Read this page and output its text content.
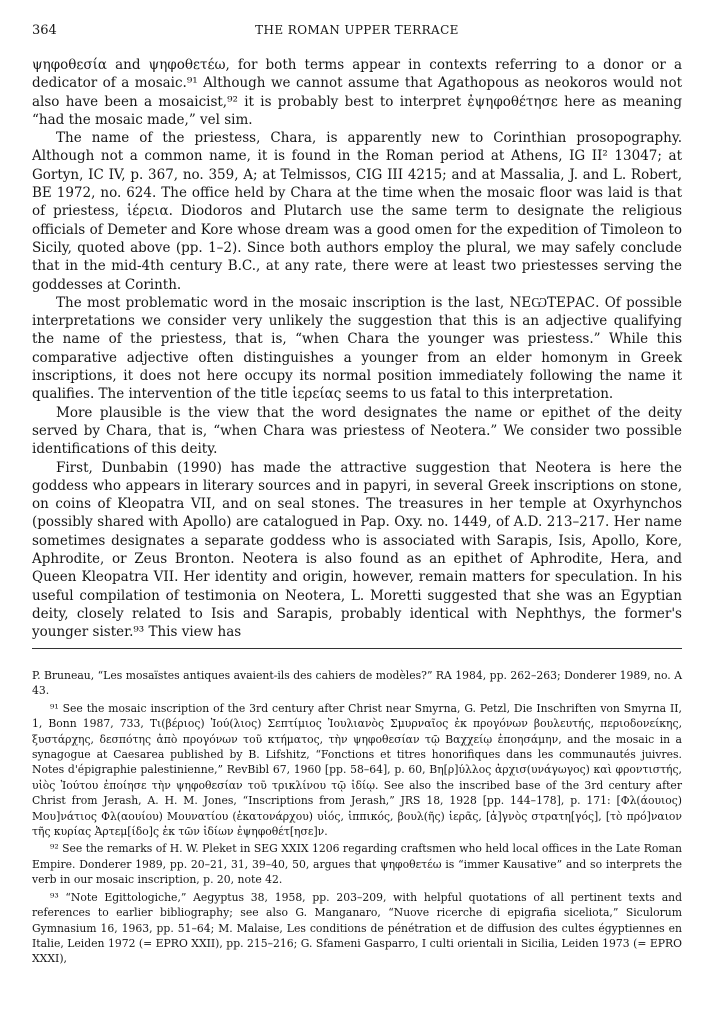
364	THE ROMAN UPPER TERRACE

ψηφοθεσία and ψηφοθετέω, for both terms appear in contexts referring to a donor or a dedicator of a mosaic.⁹¹ Although we cannot assume that Agathopous as neokoros would not also have been a mosaicist,⁹² it is probably best to interpret ἐψηφοθέτησε here as meaning “had the mosaic made,” vel sim.

The name of the priestess, Chara, is apparently new to Corinthian prosopography. Although not a common name, it is found in the Roman period at Athens, IG II² 13047; at Gortyn, IC IV, p. 367, no. 359, A; at Telmissos, CIG III 4215; and at Massalia, J. and L. Robert, BE 1972, no. 624. The office held by Chara at the time when the mosaic floor was laid is that of priestess, ἱέρεια. Diodoros and Plutarch use the same term to designate the religious officials of Demeter and Kore whose dream was a good omen for the expedition of Timoleon to Sicily, quoted above (pp. 1–2). Since both authors employ the plural, we may safely conclude that in the mid-4th century B.C., at any rate, there were at least two priestesses serving the goddesses at Corinth.

The most problematic word in the mosaic inscription is the last, ΝΕѠΤΕΡΑϹ. Of possible interpretations we consider very unlikely the suggestion that this is an adjective qualifying the name of the priestess, that is, “when Chara the younger was priestess.” While this comparative adjective often distinguishes a younger from an elder homonym in Greek inscriptions, it does not here occupy its normal position immediately following the name it qualifies. The intervention of the title ἱερείας seems to us fatal to this interpretation.

More plausible is the view that the word designates the name or epithet of the deity served by Chara, that is, “when Chara was priestess of Neotera.” We consider two possible identifications of this deity.

First, Dunbabin (1990) has made the attractive suggestion that Neotera is here the goddess who appears in literary sources and in papyri, in several Greek inscriptions on stone, on coins of Kleopatra VII, and on seal stones. The treasures in her temple at Oxyrhynchos (possibly shared with Apollo) are catalogued in Pap. Oxy. no. 1449, of A.D. 213–217. Her name sometimes designates a separate goddess who is associated with Sarapis, Isis, Apollo, Kore, Aphrodite, or Zeus Bronton. Neotera is also found as an epithet of Aphrodite, Hera, and Queen Kleopatra VII. Her identity and origin, however, remain matters for speculation. In his useful compilation of testimonia on Neotera, L. Moretti suggested that she was an Egyptian deity, closely related to Isis and Sarapis, probably identical with Nephthys, the former's younger sister.⁹³ This view has

P. Bruneau, “Les mosaïstes antiques avaient-ils des cahiers de modèles?” RA 1984, pp. 262–263; Donderer 1989, no. A 43.

⁹¹ See the mosaic inscription of the 3rd century after Christ near Smyrna, G. Petzl, Die Inschriften von Smyrna II, 1, Bonn 1987, 733, Τι(βέριος) Ἰού(λιος) Σεπτίμιος Ἰουλιανὸς Σμυρναῖος ἐκ προγόνων βουλευτής, περιοδονείκης, ξυστάρχης, δεσπότης ἀπὸ προγόνων τοῦ κτήματος, τὴν ψηφοθεσίαν τῷ Βαχχείῳ ἐποησάμην, and the mosaic in a synagogue at Caesarea published by B. Lifshitz, “Fonctions et titres honorifiques dans les communautés juivres. Notes d'épigraphie palestinienne,” RevBibl 67, 1960 [pp. 58–64], p. 60, Βη[ρ]ύλλος ἀρχισ(υνάγωγος) καὶ φροντιστής, υἱὸς Ἰούτου ἐποίησε τὴν ψηφοθεσίαν τοῦ τρικλίνου τῷ ἰδίῳ. See also the inscribed base of the 3rd century after Christ from Jerash, A. H. M. Jones, “Inscriptions from Jerash,” JRS 18, 1928 [pp. 144–178], p. 171: [Φλ(άουιος) Μου]νάτιος Φλ(αουίου) Μουνατίου (ἑκατονάρχου) υἱός, ἱππικός, βουλ(ῆς) ἱερᾶς, [ἀ]γνὸς στρατη[γός], [τὸ πρό]ναιον τῆς κυρίας Ἀρτεμ[ίδο]ς ἐκ τῶν ἰδίων ἐψηφοθέτ[ησε]ν.

⁹² See the remarks of H. W. Pleket in SEG XXIX 1206 regarding craftsmen who held local offices in the Late Roman Empire. Donderer 1989, pp. 20–21, 31, 39–40, 50, argues that ψηφοθετέω is “immer Kausative” and so interprets the verb in our mosaic inscription, p. 20, note 42.

⁹³ “Note Egittologiche,” Aegyptus 38, 1958, pp. 203–209, with helpful quotations of all pertinent texts and references to earlier bibliography; see also G. Manganaro, “Nuove ricerche di epigrafia siceliota,” Siculorum Gymnasium 16, 1963, pp. 51–64; M. Malaise, Les conditions de pénétration et de diffusion des cultes égyptiennes en Italie, Leiden 1972 (= EPRO XXII), pp. 215–216; G. Sfameni Gasparro, I culti orientali in Sicilia, Leiden 1973 (= EPRO XXXI),
